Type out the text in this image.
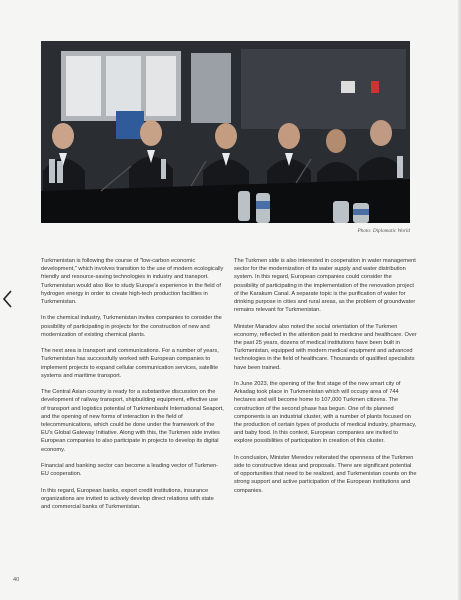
Photo: Diplomatic World

Turkmenistan is following the course of "low-carbon economic development," which involves transition to the use of modern ecologically friendly and resource-saving technologies in industry and transport. Turkmenistan would also like to study Europe's experience in the field of hydrogen energy in order to create high-tech production facilities in Turkmenistan.

In the chemical industry, Turkmenistan invites companies to consider the possibility of participating in projects for the construction of new and modernization of existing chemical plants.

The next area is transport and communications. For a number of years, Turkmenistan has successfully worked with European companies to implement projects to expand cellular communication services, satellite systems and maritime transport.

The Central Asian country is ready for a substantive discussion on the development of railway transport, shipbuilding equipment, effective use of transport and logistics potential of Turkmenbashi International Seaport, and the opening of new forms of interaction in the field of telecommunications, which could be done under the framework of the EU's Global Gateway Initiative. Along with this, the Turkmen side invites European companies to also participate in projects to develop its digital economy.

Financial and banking sector can become a leading vector of Turkmen-EU cooperation.

In this regard, European banks, export credit institutions, insurance organizations are invited to actively develop direct relations with state and commercial banks of Turkmenistan.

The Turkmen side is also interested in cooperation in water management sector for the modernization of its water supply and water distribution system. In this regard, European companies could consider the possibility of participating in the implementation of the renovation project of the Karakum Canal. A separate topic is the purification of water for drinking purpose in cities and rural areas, as the problem of groundwater remains relevant for Turkmenistan.

Minister Maradov also noted the social orientation of the Turkmen economy, reflected in the attention paid to medicine and healthcare. Over the past 25 years, dozens of medical institutions have been built in Turkmenistan, equipped with modern medical equipment and advanced technologies in the field of healthcare. Thousands of qualified specialists have been trained.

In June 2023, the opening of the first stage of the new smart city of Arkadag took place in Turkmenistan which will occupy area of 744 hectares and will become home to 107,000 Turkmen citizens. The construction of the second phase has begun. One of its planned components is an industrial cluster, with a number of plants focused on the production of certain types of products of medical industry, pharmacy, and baby food. In this context, European companies are invited to explore possibilities of participation in creation of this cluster.

In conclusion, Minister Meredov reiterated the openness of the Turkmen side to constructive ideas and proposals. There are significant potential of opportunities that need to be realized, and Turkmenistan counts on the strong support and active participation of the European institutions and companies.

40
